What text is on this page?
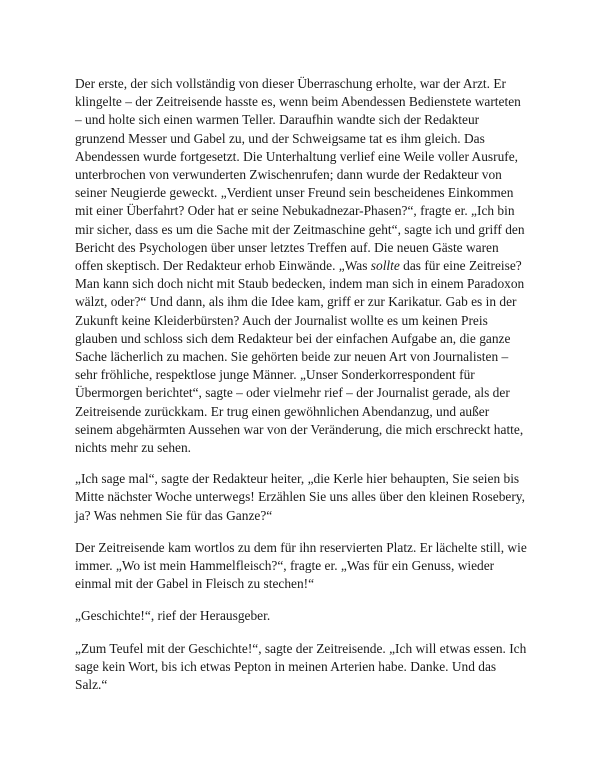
Der erste, der sich vollständig von dieser Überraschung erholte, war der Arzt. Er klingelte – der Zeitreisende hasste es, wenn beim Abendessen Bedienstete warteten – und holte sich einen warmen Teller. Daraufhin wandte sich der Redakteur grunzend Messer und Gabel zu, und der Schweigsame tat es ihm gleich. Das Abendessen wurde fortgesetzt. Die Unterhaltung verlief eine Weile voller Ausrufe, unterbrochen von verwunderten Zwischenrufen; dann wurde der Redakteur von seiner Neugierde geweckt. „Verdient unser Freund sein bescheidenes Einkommen mit einer Überfahrt? Oder hat er seine Nebukadnezar-Phasen?“, fragte er. „Ich bin mir sicher, dass es um die Sache mit der Zeitmaschine geht“, sagte ich und griff den Bericht des Psychologen über unser letztes Treffen auf. Die neuen Gäste waren offen skeptisch. Der Redakteur erhob Einwände. „Was sollte das für eine Zeitreise? Man kann sich doch nicht mit Staub bedecken, indem man sich in einem Paradoxon wälzt, oder?“ Und dann, als ihm die Idee kam, griff er zur Karikatur. Gab es in der Zukunft keine Kleiderbürsten? Auch der Journalist wollte es um keinen Preis glauben und schloss sich dem Redakteur bei der einfachen Aufgabe an, die ganze Sache lächerlich zu machen. Sie gehörten beide zur neuen Art von Journalisten – sehr fröhliche, respektlose junge Männer. „Unser Sonderkorrespondent für Übermorgen berichtet“, sagte – oder vielmehr rief – der Journalist gerade, als der Zeitreisende zurückkam. Er trug einen gewöhnlichen Abendanzug, und außer seinem abgehärmten Aussehen war von der Veränderung, die mich erschreckt hatte, nichts mehr zu sehen.

„Ich sage mal“, sagte der Redakteur heiter, „die Kerle hier behaupten, Sie seien bis Mitte nächster Woche unterwegs! Erzählen Sie uns alles über den kleinen Rosebery, ja? Was nehmen Sie für das Ganze?“

Der Zeitreisende kam wortlos zu dem für ihn reservierten Platz. Er lächelte still, wie immer. „Wo ist mein Hammelfleisch?“, fragte er. „Was für ein Genuss, wieder einmal mit der Gabel in Fleisch zu stechen!“

„Geschichte!“, rief der Herausgeber.

„Zum Teufel mit der Geschichte!“, sagte der Zeitreisende. „Ich will etwas essen. Ich sage kein Wort, bis ich etwas Pepton in meinen Arterien habe. Danke. Und das Salz.“
